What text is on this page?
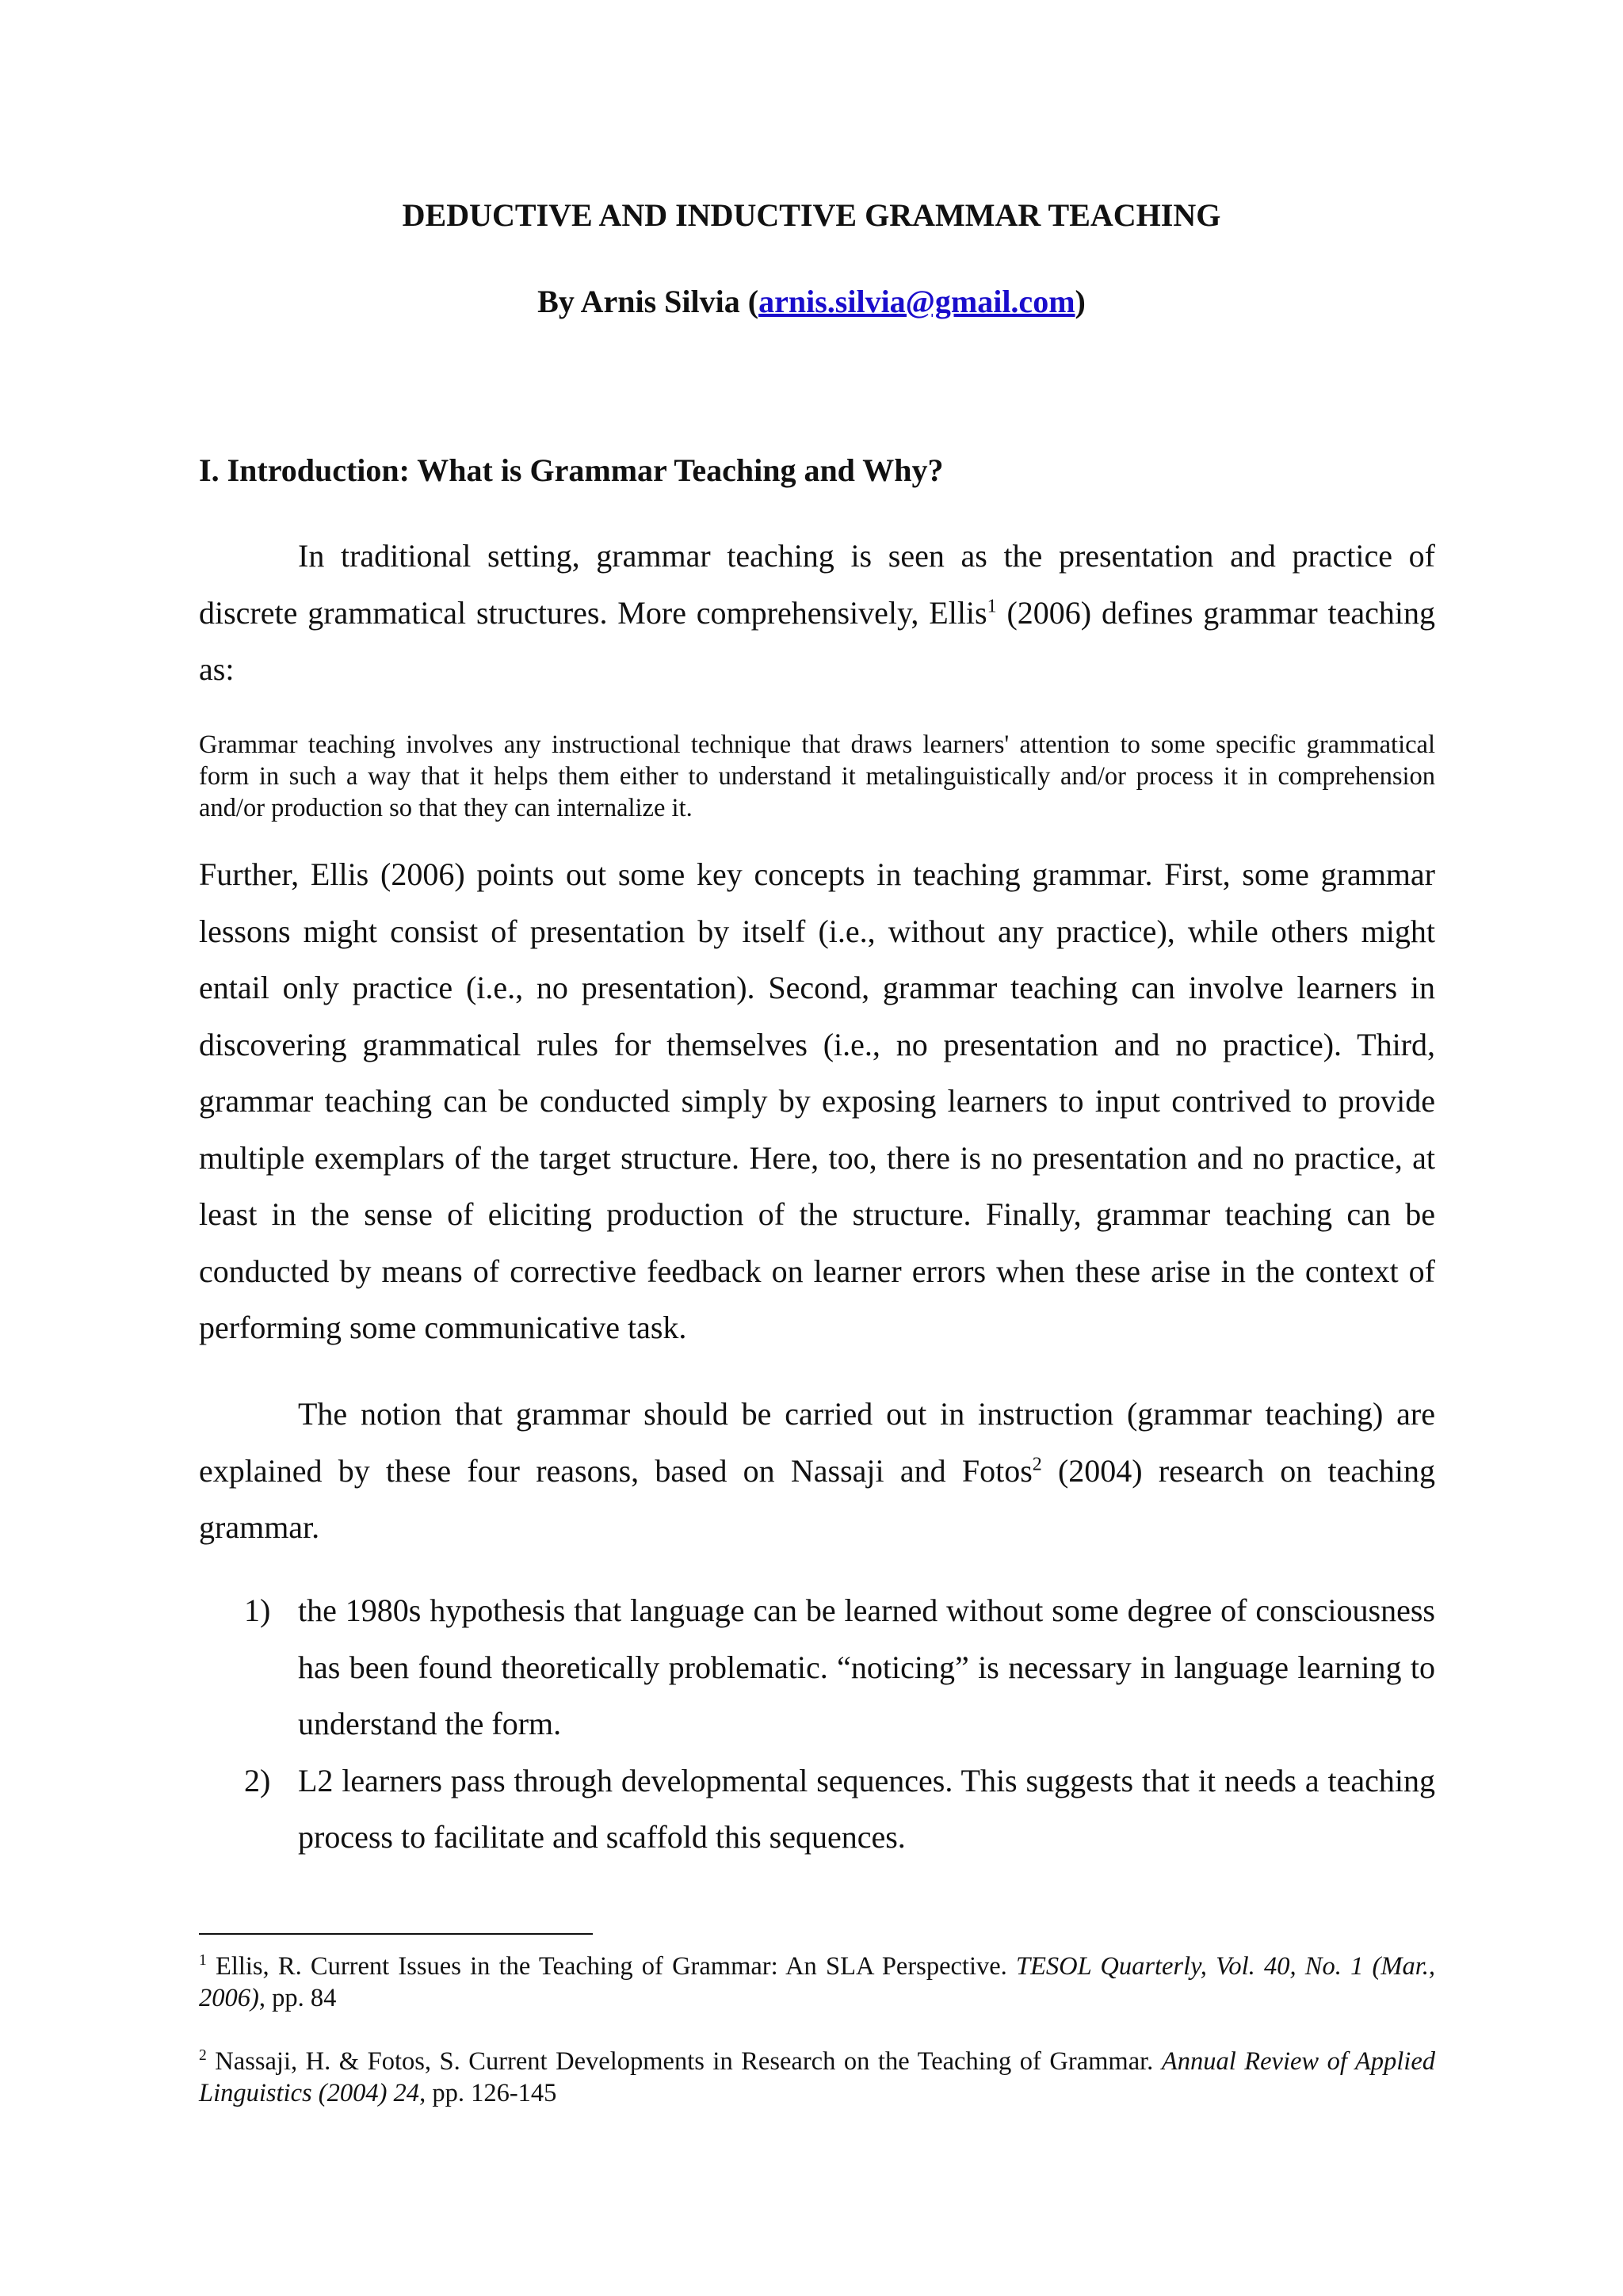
DEDUCTIVE AND INDUCTIVE GRAMMAR TEACHING
By Arnis Silvia (arnis.silvia@gmail.com)
I. Introduction: What is Grammar Teaching and Why?

In traditional setting, grammar teaching is seen as the presentation and practice of discrete grammatical structures. More comprehensively, Ellis$^1$ (2006) defines grammar teaching as:

Grammar teaching involves any instructional technique that draws learners' attention to some specific grammatical form in such a way that it helps them either to understand it metalinguistically and/or process it in comprehension and/or production so that they can internalize it.

Further, Ellis (2006) points out some key concepts in teaching grammar. First, some grammar lessons might consist of presentation by itself (i.e., without any practice), while others might entail only practice (i.e., no presentation). Second, grammar teaching can involve learners in discovering grammatical rules for themselves (i.e., no presentation and no practice). Third, grammar teaching can be conducted simply by exposing learners to input contrived to provide multiple exemplars of the target structure. Here, too, there is no presentation and no practice, at least in the sense of eliciting production of the structure. Finally, grammar teaching can be conducted by means of corrective feedback on learner errors when these arise in the context of performing some communicative task.

The notion that grammar should be carried out in instruction (grammar teaching) are explained by these four reasons, based on Nassaji and Fotos$^2$ (2004) research on teaching grammar.

1) the 1980s hypothesis that language can be learned without some degree of consciousness has been found theoretically problematic. “noticing” is necessary in language learning to understand the form.
2) L2 learners pass through developmental sequences. This suggests that it needs a teaching process to facilitate and scaffold this sequences.

$^1$ Ellis, R. Current Issues in the Teaching of Grammar: An SLA Perspective. TESOL Quarterly, Vol. 40, No. 1 (Mar., 2006), pp. 84

$^2$ Nassaji, H. & Fotos, S. Current Developments in Research on the Teaching of Grammar. Annual Review of Applied Linguistics (2004) 24, pp. 126-145
